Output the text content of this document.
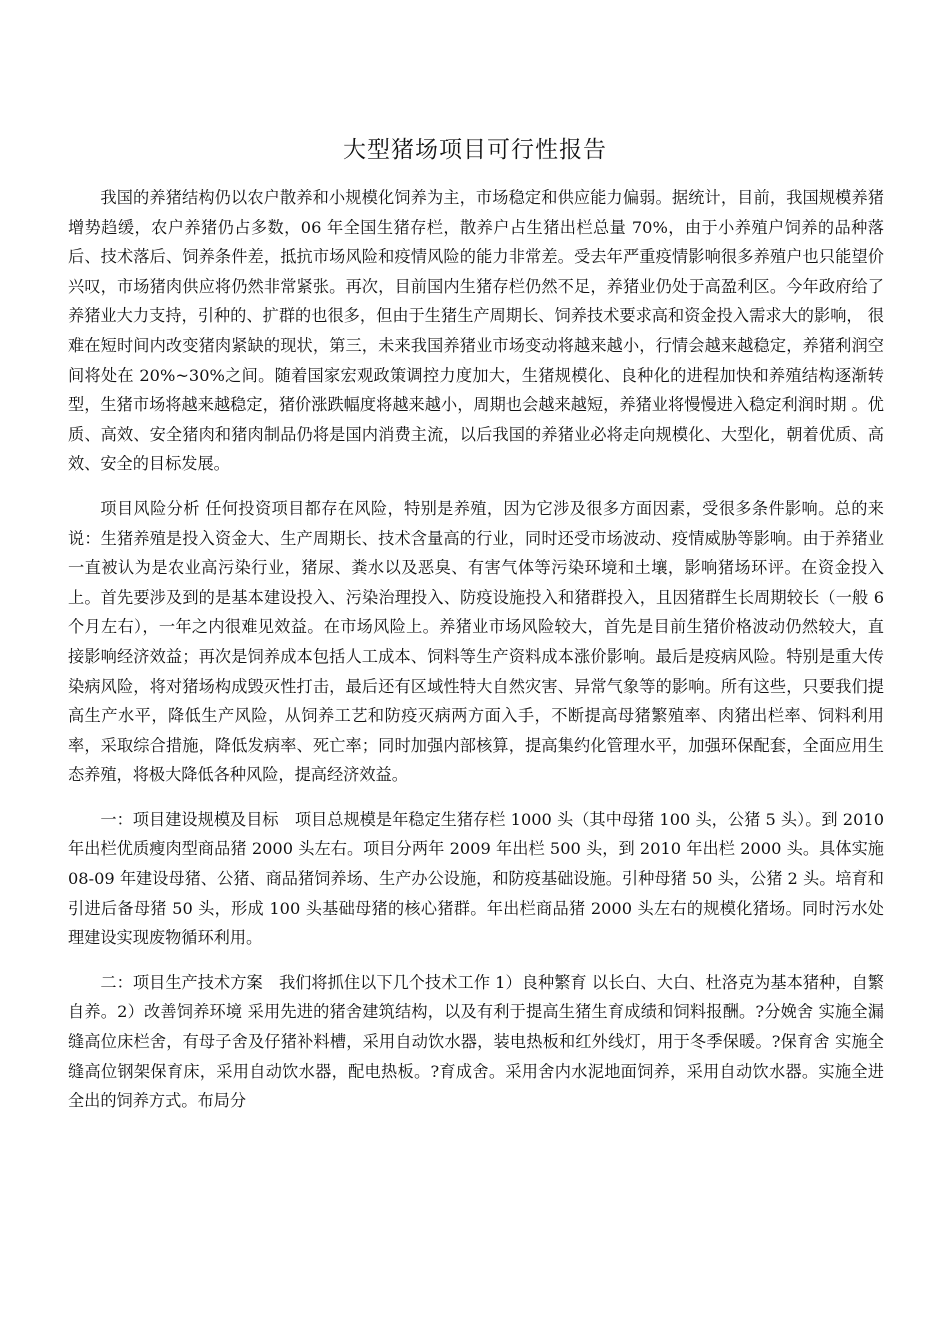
大型猪场项目可行性报告

我国的养猪结构仍以农户散养和小规模化饲养为主，市场稳定和供应能力偏弱。据统计，目前，我国规模养猪增势趋缓，农户养猪仍占多数，06 年全国生猪存栏，散养户占生猪出栏总量 70%，由于小养殖户饲养的品种落后、技术落后、饲养条件差，抵抗市场风险和疫情风险的能力非常差。受去年严重疫情影响很多养殖户也只能望价兴叹，市场猪肉供应将仍然非常紧张。再次，目前国内生猪存栏仍然不足，养猪业仍处于高盈利区。今年政府给了养猪业大力支持，引种的、扩群的也很多，但由于生猪生产周期长、饲养技术要求高和资金投入需求大的影响， 很难在短时间内改变猪肉紧缺的现状，第三，未来我国养猪业市场变动将越来越小，行情会越来越稳定，养猪利润空间将处在 20%~30%之间。随着国家宏观政策调控力度加大，生猪规模化、良种化的进程加快和养殖结构逐渐转型，生猪市场将越来越稳定，猪价涨跌幅度将越来越小，周期也会越来越短，养猪业将慢慢进入稳定利润时期 。优质、高效、安全猪肉和猪肉制品仍将是国内消费主流，以后我国的养猪业必将走向规模化、大型化，朝着优质、高效、安全的目标发展。

项目风险分析 任何投资项目都存在风险，特别是养殖，因为它涉及很多方面因素，受很多条件影响。总的来说：生猪养殖是投入资金大、生产周期长、技术含量高的行业，同时还受市场波动、疫情威胁等影响。由于养猪业一直被认为是农业高污染行业，猪尿、粪水以及恶臭、有害气体等污染环境和土壤，影响猪场环评。在资金投入上。首先要涉及到的是基本建设投入、污染治理投入、防疫设施投入和猪群投入，且因猪群生长周期较长（一般 6 个月左右），一年之内很难见效益。在市场风险上。养猪业市场风险较大，首先是目前生猪价格波动仍然较大，直接影响经济效益；再次是饲养成本包括人工成本、饲料等生产资料成本涨价影响。最后是疫病风险。特别是重大传染病风险，将对猪场构成毁灭性打击，最后还有区域性特大自然灾害、异常气象等的影响。所有这些，只要我们提高生产水平，降低生产风险，从饲养工艺和防疫灭病两方面入手，不断提高母猪繁殖率、肉猪出栏率、饲料利用率，采取综合措施，降低发病率、死亡率；同时加强内部核算，提高集约化管理水平，加强环保配套，全面应用生态养殖，将极大降低各种风险，提高经济效益。

一：项目建设规模及目标　项目总规模是年稳定生猪存栏 1000 头（其中母猪 100 头，公猪 5 头）。到 2010 年出栏优质瘦肉型商品猪 2000 头左右。项目分两年 2009 年出栏 500 头，到 2010 年出栏 2000 头。具体实施 08-09 年建设母猪、公猪、商品猪饲养场、生产办公设施，和防疫基础设施。引种母猪 50 头，公猪 2 头。培育和引进后备母猪 50 头，形成 100 头基础母猪的核心猪群。年出栏商品猪 2000 头左右的规模化猪场。同时污水处理建设实现废物循环利用。

二：项目生产技术方案　我们将抓住以下几个技术工作 1）良种繁育 以长白、大白、杜洛克为基本猪种，自繁自养。2）改善饲养环境 采用先进的猪舍建筑结构，以及有利于提高生猪生育成绩和饲料报酬。?分娩舍 实施全漏缝高位床栏舍，有母子舍及仔猪补料槽，采用自动饮水器，装电热板和红外线灯，用于冬季保暖。?保育舍 实施全缝高位钢架保育床，采用自动饮水器，配电热板。?育成舍。采用舍内水泥地面饲养，采用自动饮水器。实施全进全出的饲养方式。布局分
